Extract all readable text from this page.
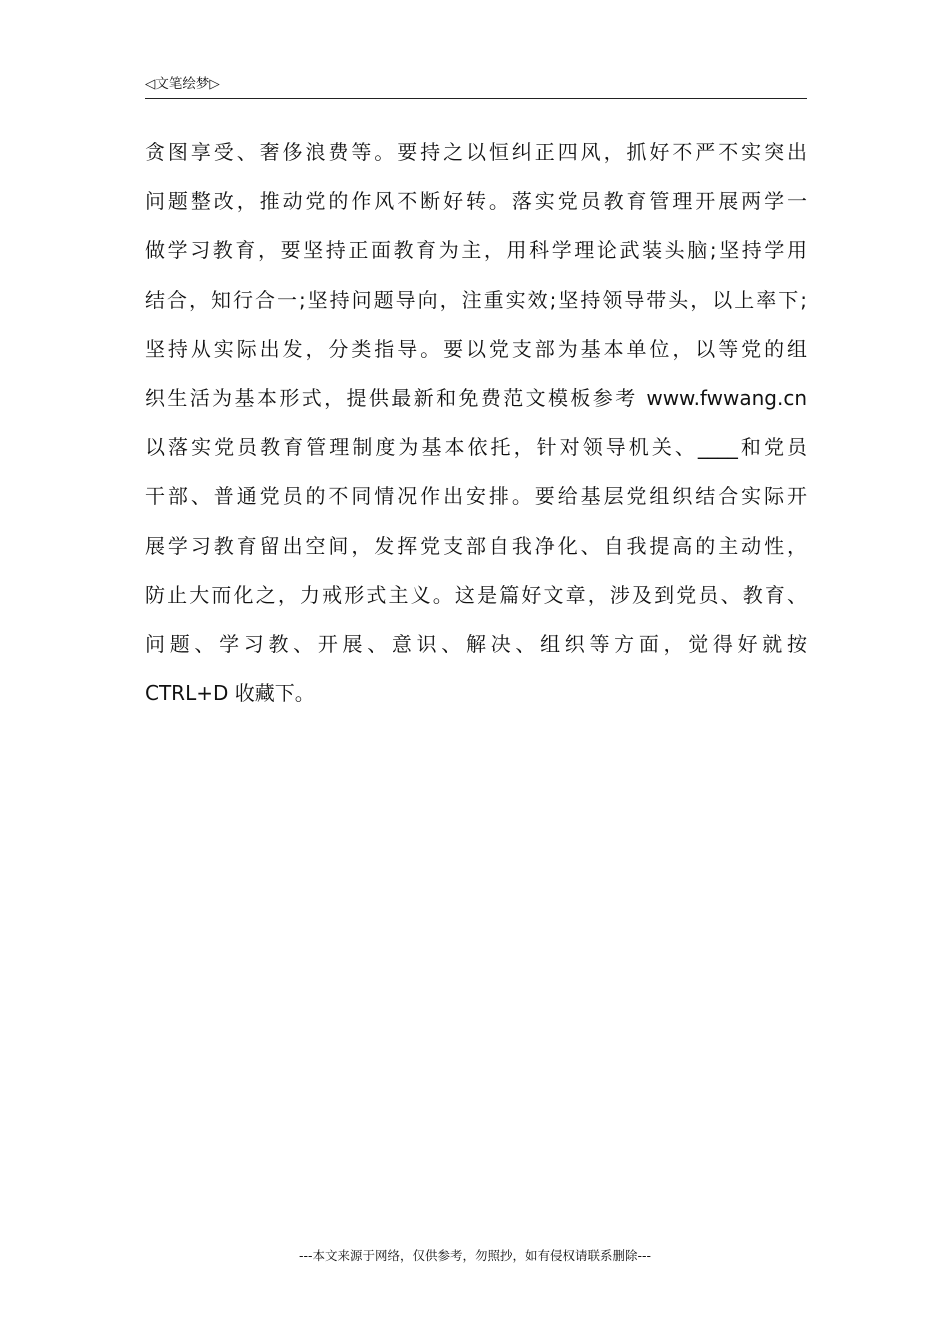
◁文笔绘梦▷
贪图享受、奢侈浪费等。要持之以恒纠正四风，抓好不严不实突出
问题整改，推动党的作风不断好转。落实党员教育管理开展两学一
做学习教育，要坚持正面教育为主，用科学理论武装头脑;坚持学用
结合，知行合一;坚持问题导向，注重实效;坚持领导带头，以上率下;
坚持从实际出发，分类指导。要以党支部为基本单位，以等党的组
织生活为基本形式，提供最新和免费范文模板参考 www.fwwang.cn
以落实党员教育管理制度为基本依托，针对领导机关、____和党员
干部、普通党员的不同情况作出安排。要给基层党组织结合实际开
展学习教育留出空间，发挥党支部自我净化、自我提高的主动性，
防止大而化之，力戒形式主义。这是篇好文章，涉及到党员、教育、
问题、学习教、开展、意识、解决、组织等方面，觉得好就按
CTRL+D 收藏下。
---本文来源于网络，仅供参考，勿照抄，如有侵权请联系删除---
